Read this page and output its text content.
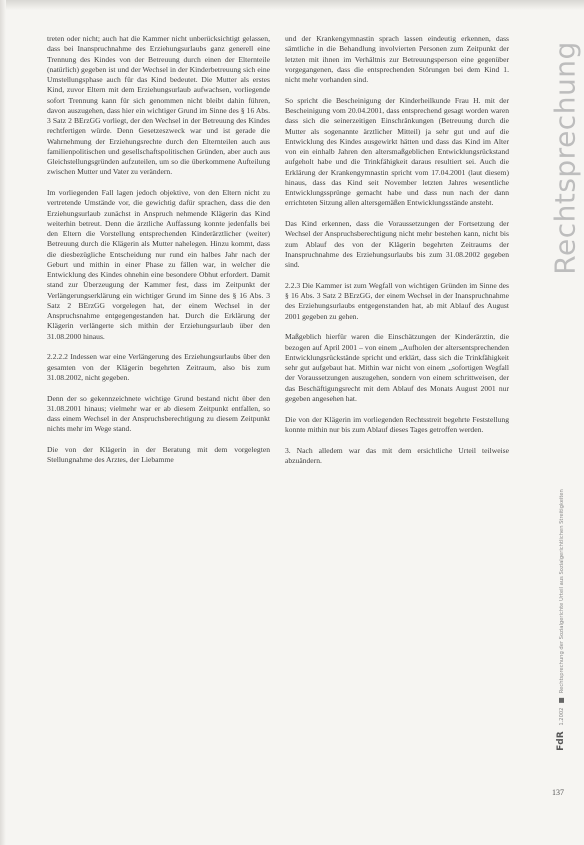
treten oder nicht; auch hat die Kammer nicht unberücksichtigt gelassen, dass bei Inanspruchnahme des Erziehungsurlaubs ganz generell eine Trennung des Kindes von der Betreuung durch einen der Elternteile (natürlich) gegeben ist und der Wechsel in der Kinderbetreuung sich eine Umstellungsphase auch für das Kind bedeutet. Die Mutter als erstes Kind, zuvor Eltern mit dem Erziehungsurlaub aufwachsen, vorliegende sofort Trennung kann für sich genommen nicht bleibt dahin führen, davon auszugehen, dass hier ein wichtiger Grund im Sinne des § 16 Abs. 3 Satz 2 BErzGG vorliegt, der den Wechsel in der Betreuung des Kindes rechtfertigen würde. Denn Gesetzeszweck war und ist gerade die Wahrnehmung der Erziehungsrechte durch den Elternteilen auch aus familienpolitischen und gesellschaftspolitischen Gründen, aber auch aus Gleichstellungsgründen aufzuteilen, um so die überkommene Aufteilung zwischen Mutter und Vater zu verändern.

Im vorliegenden Fall lagen jedoch objektive, von den Eltern nicht zu vertretende Umstände vor, die gewichtig dafür sprachen, dass die den Erziehungsurlaub zunächst in Anspruch nehmende Klägerin das Kind weiterhin betreut. Denn die ärztliche Auffassung konnte jedenfalls bei den Eltern die Vorstellung entsprechenden Kinderärztlicher (weiter) Betreuung durch die Klägerin als Mutter nahelegen. Hinzu kommt, dass die diesbezügliche Entscheidung nur rund ein halbes Jahr nach der Geburt und mithin in einer Phase zu fällen war, in welcher die Entwicklung des Kindes ohnehin eine besondere Obhut erfordert. Damit stand zur Überzeugung der Kammer fest, dass im Zeitpunkt der Verlängerungserklärung ein wichtiger Grund im Sinne des § 16 Abs. 3 Satz 2 BErzGG vorgelegen hat, der einem Wechsel in der Anspruchsnahme entgegengestanden hat. Durch die Erklärung der Klägerin verlängerte sich mithin der Erziehungsurlaub über den 31.08.2000 hinaus.

2.2.2.2 Indessen war eine Verlängerung des Erziehungsurlaubs über den gesamten von der Klägerin begehrten Zeitraum, also bis zum 31.08.2002, nicht gegeben.

Denn der so gekennzeichnete wichtige Grund bestand nicht über den 31.08.2001 hinaus; vielmehr war er ab diesem Zeitpunkt entfallen, so dass einem Wechsel in der Anspruchsberechtigung zu diesem Zeitpunkt nichts mehr im Wege stand.

Die von der Klägerin in der Beratung mit dem vorgelegten Stellungnahme des Arztes, der Liebamme

und der Krankengymnastin sprach lassen eindeutig erkennen, dass sämtliche in die Behandlung involvierten Personen zum Zeitpunkt der letzten mit ihnen im Verhältnis zur Betreuungsperson eine gegenüber vorgegangenen, dass die entsprechenden Störungen bei dem Kind 1. nicht mehr vorhanden sind.

So spricht die Bescheinigung der Kinderheilkunde Frau H. mit der Bescheinigung vom 20.04.2001, dass entsprechend gesagt worden waren dass sich die seinerzeitigen Einschränkungen (Betreuung durch die Mutter als sogenannte ärztlicher Mitteil) ja sehr gut und auf die Entwicklung des Kindes ausgewirkt hätten und dass das Kind im Alter von ein einhalb Jahren den altersmaßgeblichen Entwicklungsrückstand aufgeholt habe und die Trinkfähigkeit daraus resultiert sei. Auch die Erklärung der Krankengymnastin spricht vom 17.04.2001 (laut diesem) hinaus, dass das Kind seit November letzten Jahres wesentliche Entwicklungssprünge gemacht habe und dass nun nach der dann errichteten Sitzung allen altersgemäßen Entwicklungsstände ansteht.

Das Kind erkennen, dass die Voraussetzungen der Fortsetzung der Wechsel der Anspruchsberechtigung nicht mehr bestehen kann, nicht bis zum Ablauf des von der Klägerin begehrten Zeitraums der Inanspruchnahme des Erziehungsurlaubs bis zum 31.08.2002 gegeben sind.

2.2.3 Die Kammer ist zum Wegfall von wichtigen Gründen im Sinne des § 16 Abs. 3 Satz 2 BErzGG, der einem Wechsel in der Inanspruchnahme des Erziehungsurlaubs entgegenstanden hat, ab mit Ablauf des August 2001 gegeben zu gehen.

Maßgeblich hierfür waren die Einschätzungen der Kinderärztin, die bezogen auf April 2001 – von einem ,,Aufholen der altersentsprechenden Entwicklungsrückstände spricht und erklärt, dass sich die Trinkfähigkeit sehr gut aufgebaut hat. Mithin war nicht von einem ,,sofortigen Wegfall der Voraussetzungen auszugehen, sondern von einem schrittweisen, der das Beschäftigungsrecht mit dem Ablauf des Monats August 2001 nur gegeben angesehen hat.

Die von der Klägerin im vorliegenden Rechtsstreit begehrte Feststellung konnte mithin nur bis zum Ablauf dieses Tages getroffen werden.

3. Nach alledem war das mit dem ersichtliche Urteil teilweise abzuändern.

Rechtsprechung
FdR 1.2002  Rechtsprechung der Sozialgerichte Urteil aus Sozialgerichtlichen Streitigkeiten
137
